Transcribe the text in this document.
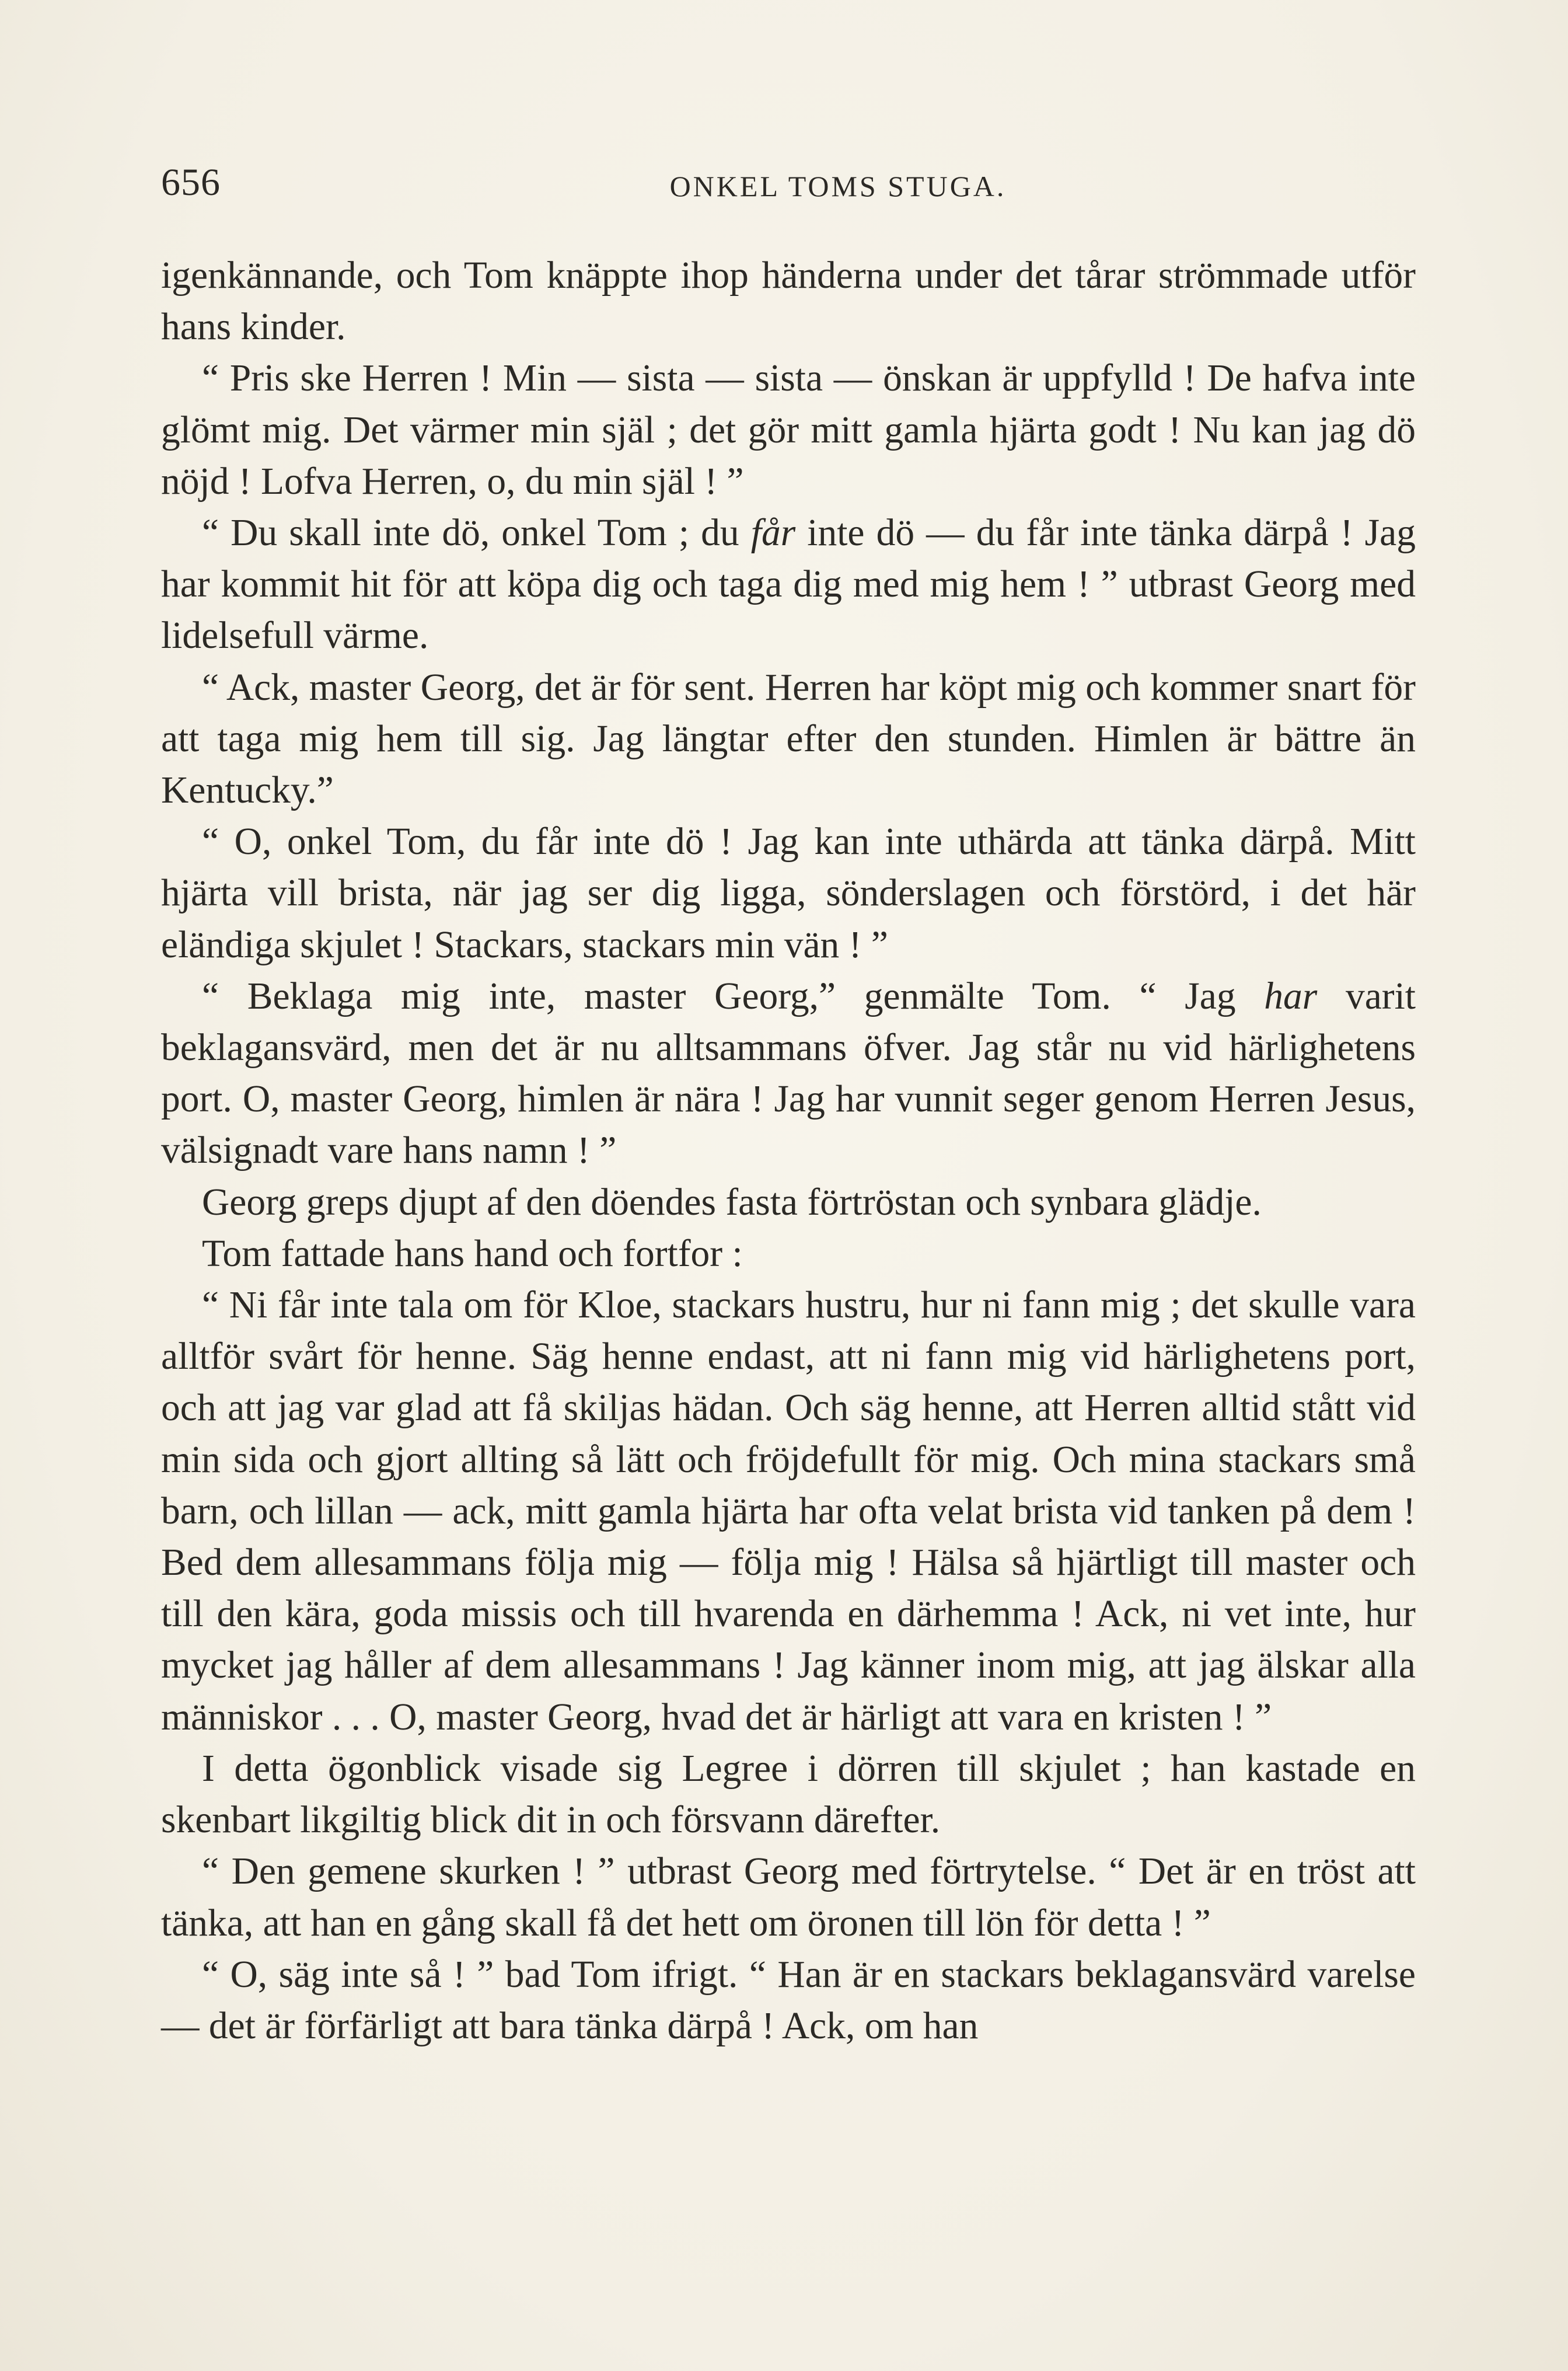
656	ONKEL TOMS STUGA.

igenkännande, och Tom knäppte ihop händerna under det tårar strömmade utför hans kinder.

“ Pris ske Herren ! Min — sista — sista — önskan är uppfylld ! De hafva inte glömt mig. Det värmer min själ ; det gör mitt gamla hjärta godt ! Nu kan jag dö nöjd ! Lofva Herren, o, du min själ ! ”

“ Du skall inte dö, onkel Tom ; du får inte dö — du får inte tänka därpå ! Jag har kommit hit för att köpa dig och taga dig med mig hem ! ” utbrast Georg med lidelsefull värme.

“ Ack, master Georg, det är för sent. Herren har köpt mig och kommer snart för att taga mig hem till sig. Jag längtar efter den stunden. Himlen är bättre än Kentucky.”

“ O, onkel Tom, du får inte dö ! Jag kan inte uthärda att tänka därpå. Mitt hjärta vill brista, när jag ser dig ligga, sönderslagen och förstörd, i det här eländiga skjulet ! Stackars, stackars min vän ! ”

“ Beklaga mig inte, master Georg,” genmälte Tom. “ Jag har varit beklagansvärd, men det är nu alltsammans öfver. Jag står nu vid härlighetens port. O, master Georg, himlen är nära ! Jag har vunnit seger genom Herren Jesus, välsignadt vare hans namn ! ”

Georg greps djupt af den döendes fasta förtröstan och synbara glädje.

Tom fattade hans hand och fortfor :

“ Ni får inte tala om för Kloe, stackars hustru, hur ni fann mig ; det skulle vara alltför svårt för henne. Säg henne endast, att ni fann mig vid härlighetens port, och att jag var glad att få skiljas hädan. Och säg henne, att Herren alltid stått vid min sida och gjort allting så lätt och fröjdefullt för mig. Och mina stackars små barn, och lillan — ack, mitt gamla hjärta har ofta velat brista vid tanken på dem ! Bed dem allesammans följa mig — följa mig ! Hälsa så hjärtligt till master och till den kära, goda missis och till hvarenda en därhemma ! Ack, ni vet inte, hur mycket jag håller af dem allesammans ! Jag känner inom mig, att jag älskar alla människor . . . O, master Georg, hvad det är härligt att vara en kristen ! ”

I detta ögonblick visade sig Legree i dörren till skjulet ; han kastade en skenbart likgiltig blick dit in och försvann därefter.

“ Den gemene skurken ! ” utbrast Georg med förtrytelse. “ Det är en tröst att tänka, att han en gång skall få det hett om öronen till lön för detta ! ”

“ O, säg inte så ! ” bad Tom ifrigt. “ Han är en stackars beklagansvärd varelse — det är förfärligt att bara tänka därpå ! Ack, om han
